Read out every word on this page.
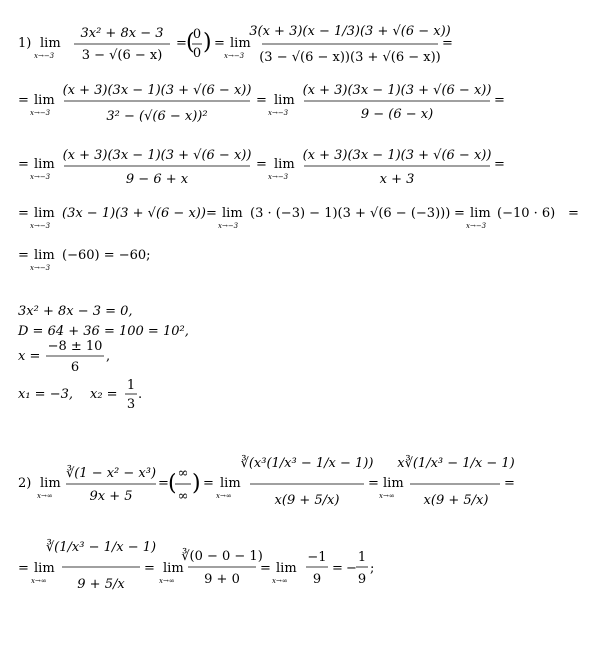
1) lim
x→−3
3x² + 8x − 3
3 − √(6 − x)
= (
0
0 ) = lim
x→−3
3(x + 3)(x − 1/3)(3 + √(6 − x))
(3 − √(6 − x))(3 + √(6 − x))
=
= lim
x→−3
(x + 3)(3x − 1)(3 + √(6 − x))
3² − (√(6 − x))²
= lim
x→−3
(x + 3)(3x − 1)(3 + √(6 − x))
9 − (6 − x)
=
= lim
x→−3
(x + 3)(3x − 1)(3 + √(6 − x))
9 − 6 + x
= lim
x→−3
(x + 3)(3x − 1)(3 + √(6 − x))
x + 3
=
= lim
x→−3
(3x − 1)(3 + √(6 − x)) = lim
x→−3
(3 · (−3) − 1)(3 + √(6 − (−3))) = lim
x→−3
(−10 · 6) =
= lim
x→−3
(−60) = −60;
3x² + 8x − 3 = 0,
D = 64 + 36 = 100 = 10²,
x =
−8 ± 10
6
,
x₁ = −3, x₂ =
1
3
.
2) lim
x→∞
∛(1 − x² − x³)
9x + 5
= ( ∞
∞
) = lim
x→∞
∛(x³(1/x³ − 1/x − 1))
x(9 + 5/x)
= lim
x→∞
x∛(1/x³ − 1/x − 1)
x(9 + 5/x)
=
= lim
x→∞
∛(1/x³ − 1/x − 1)
9 + 5/x
= lim
x→∞
∛(0 − 0 − 1)
9 + 0
= lim
x→∞
−1
9
= −
1
9
;
